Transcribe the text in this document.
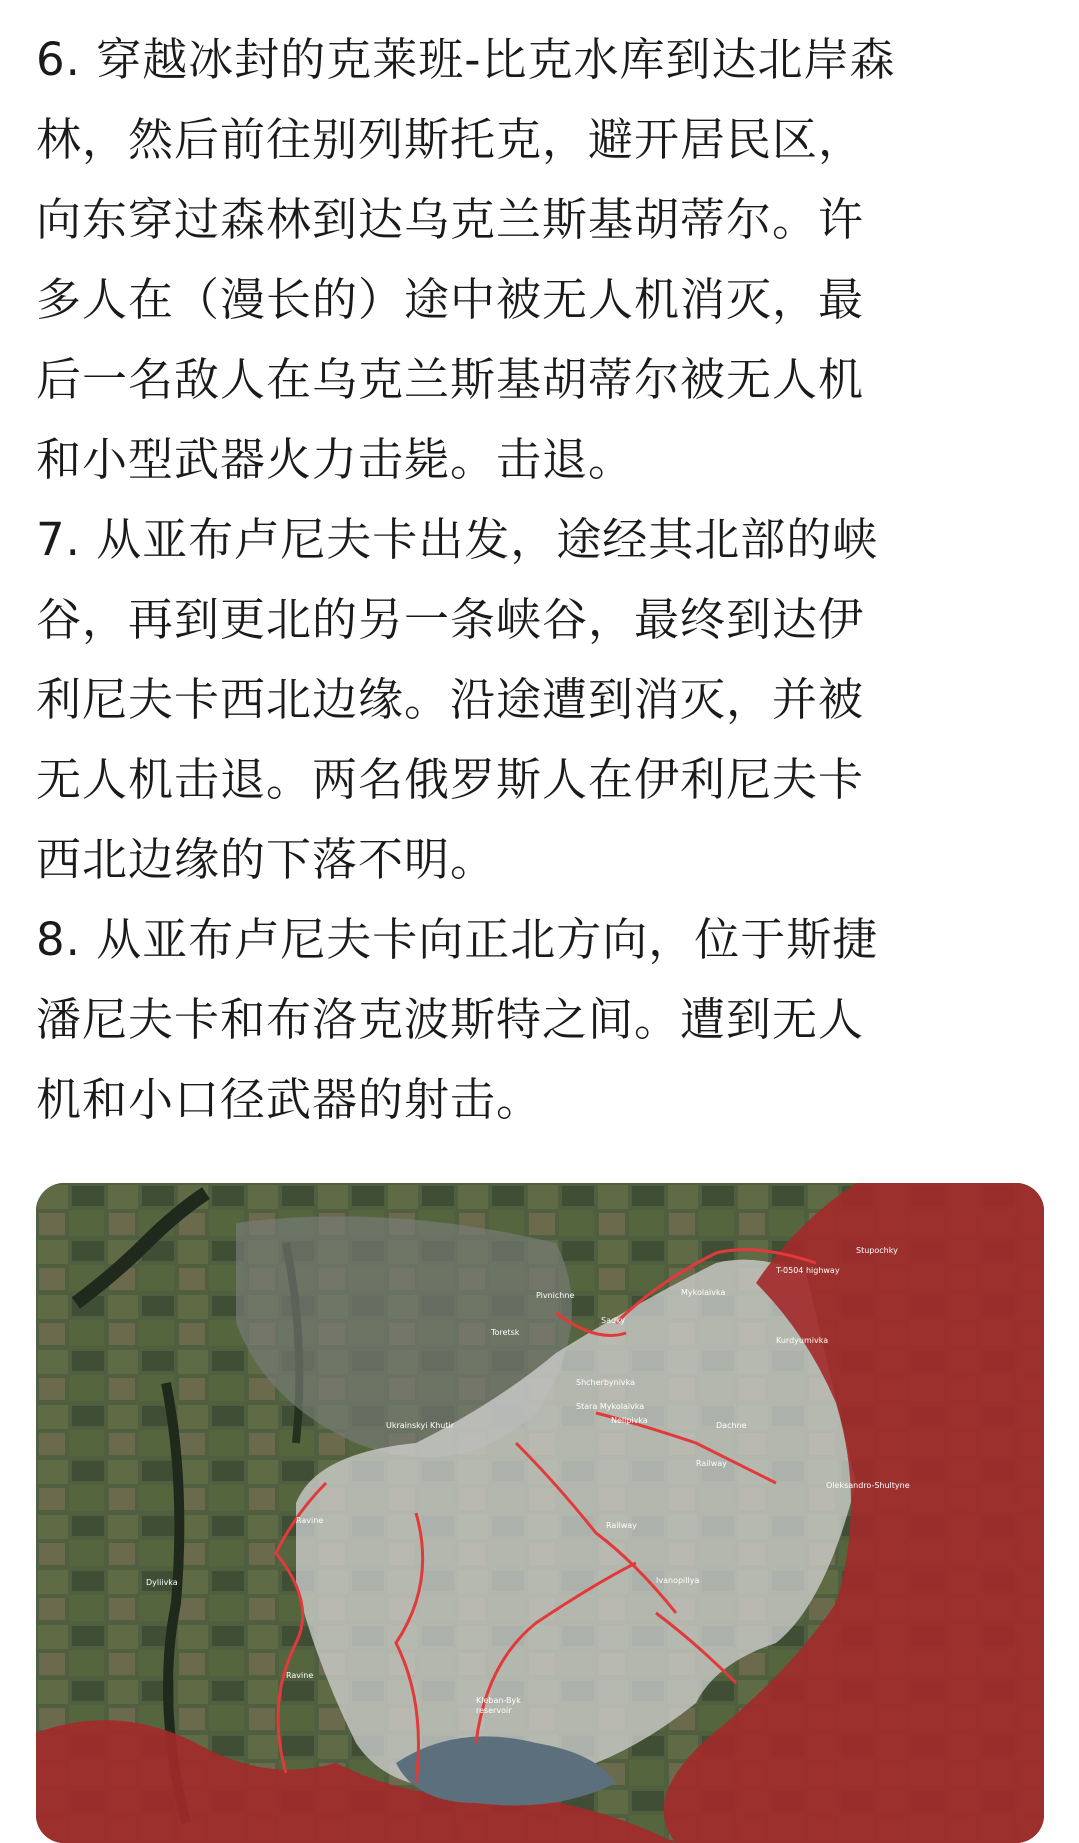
6. 穿越冰封的克莱班-比克水库到达北岸森
林，然后前往别列斯托克，避开居民区，
向东穿过森林到达乌克兰斯基胡蒂尔。许
多人在（漫长的）途中被无人机消灭，最
后一名敌人在乌克兰斯基胡蒂尔被无人机
和小型武器火力击毙。击退。

7. 从亚布卢尼夫卡出发，途经其北部的峡
谷，再到更北的另一条峡谷，最终到达伊
利尼夫卡西北边缘。沿途遭到消灭，并被
无人机击退。两名俄罗斯人在伊利尼夫卡
西北边缘的下落不明。

8. 从亚布卢尼夫卡向正北方向，位于斯捷
潘尼夫卡和布洛克波斯特之间。遭到无人
机和小口径武器的射击。

Stupochky
T-0504 highway
Mykolaivka
Sadky
Pivnichne
Kurdyumivka
Shcherbynivka
Stara Mykolaivka
Nelipivka
Ukrainskyi Khutir	Dachne
Oleksandro-Shultyne
Railway
Railway
Ravine
Dyliivka	Ivanopillya
Kleban-Byk
reservoir
Ravine
Toretsk
